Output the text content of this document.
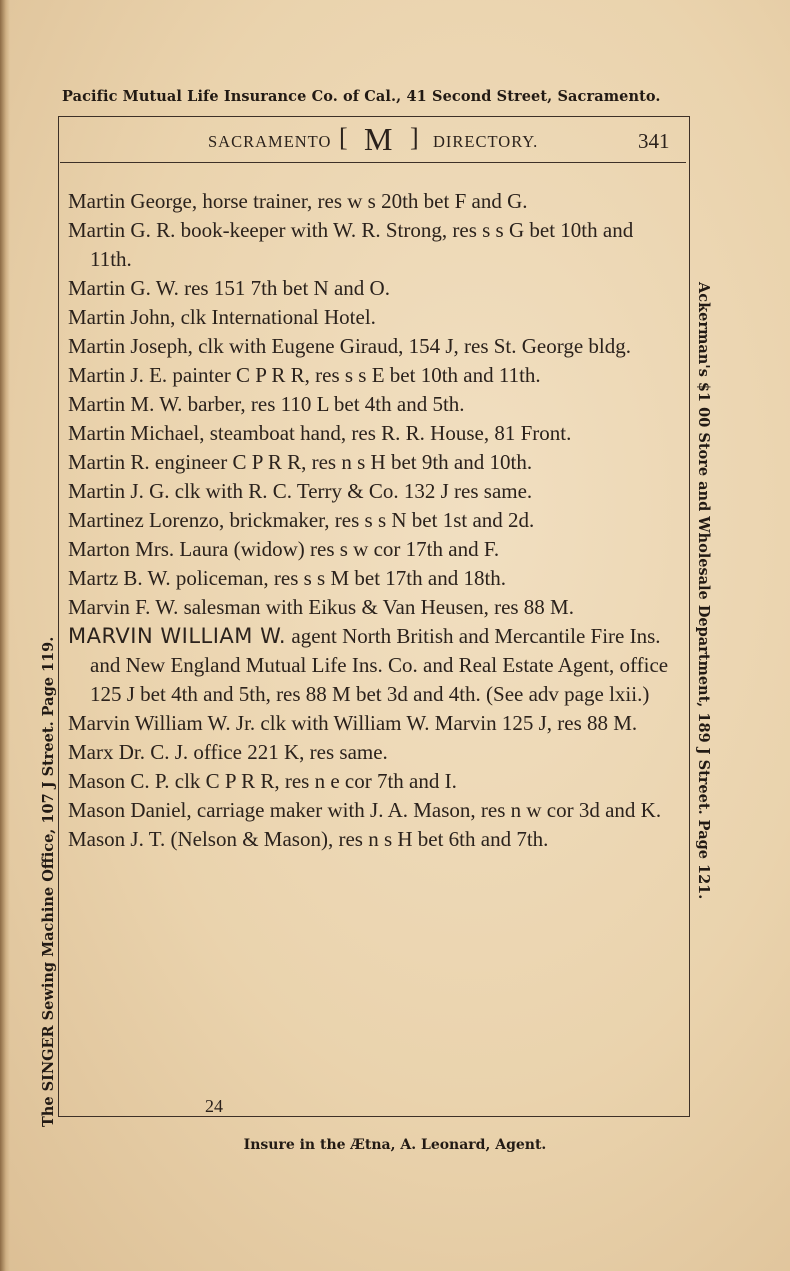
Pacific Mutual Life Insurance Co. of Cal., 41 Second Street, Sacramento.
SACRAMENTO [ M ] DIRECTORY.	341

Martin George, horse trainer, res w s 20th bet F and G.

Martin G. R. book-keeper with W. R. Strong, res s s G bet 10th and 11th.

Martin G. W. res 151 7th bet N and O.

Martin John, clk International Hotel.

Martin Joseph, clk with Eugene Giraud, 154 J, res St. George bldg.

Martin J. E. painter C P R R, res s s E bet 10th and 11th.

Martin M. W. barber, res 110 L bet 4th and 5th.

Martin Michael, steamboat hand, res R. R. House, 81 Front.

Martin R. engineer C P R R, res n s H bet 9th and 10th.

Martin J. G. clk with R. C. Terry & Co. 132 J res same.

Martinez Lorenzo, brickmaker, res s s N bet 1st and 2d.

Marton Mrs. Laura (widow) res s w cor 17th and F.

Martz B. W. policeman, res s s M bet 17th and 18th.

Marvin F. W. salesman with Eikus & Van Heusen, res 88 M.

MARVIN WILLIAM W. agent North British and Mercantile Fire Ins. and New England Mutual Life Ins. Co. and Real Estate Agent, office 125 J bet 4th and 5th, res 88 M bet 3d and 4th. (See adv page lxii.)

Marvin William W. Jr. clk with William W. Marvin 125 J, res 88 M.

Marx Dr. C. J. office 221 K, res same.

Mason C. P. clk C P R R, res n e cor 7th and I.

Mason Daniel, carriage maker with J. A. Mason, res n w cor 3d and K.

Mason J. T. (Nelson & Mason), res n s H bet 6th and 7th.

24
Insure in the Ætna, A. Leonard, Agent.
The SINGER Sewing Machine Office, 107 J Street. Page 119.	Ackerman's $1 00 Store and Wholesale Department, 189 J Street. Page 121.
